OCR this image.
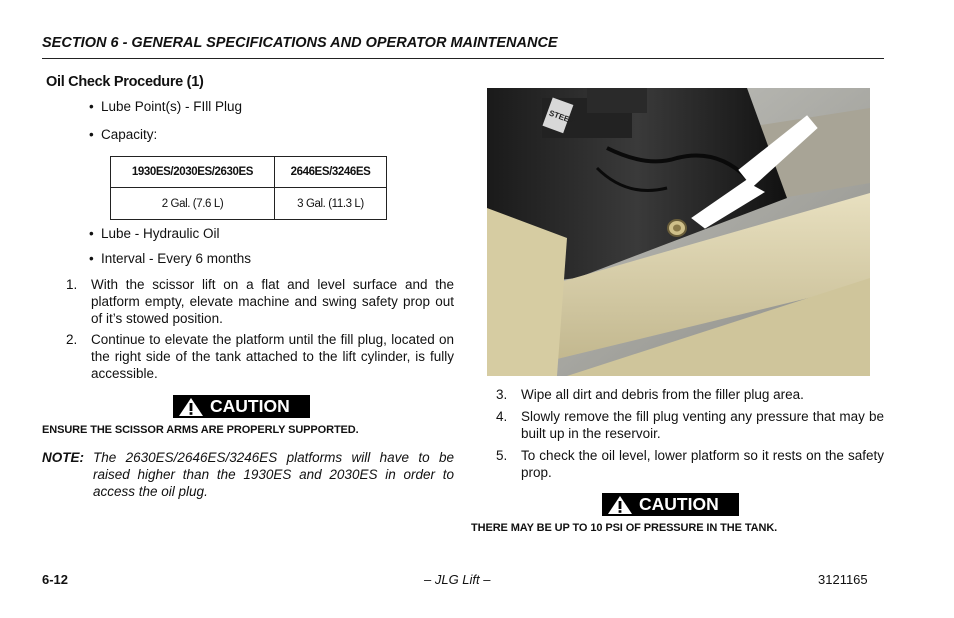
SECTION 6 - GENERAL SPECIFICATIONS AND OPERATOR MAINTENANCE
Oil Check Procedure (1)
• Lube Point(s) - FIll Plug
• Capacity:
1930ES/2030ES/2630ES	2646ES/3246ES
2 Gal. (7.6 L)	3 Gal. (11.3 L)
• Lube - Hydraulic Oil
• Interval - Every 6 months
1. With the scissor lift on a flat and level surface and the platform empty, elevate machine and swing safety prop out of it’s stowed position.
2. Continue to elevate the platform until the fill plug, located on the right side of the tank attached to the lift cylinder, is fully accessible.
CAUTION
ENSURE THE SCISSOR ARMS ARE PROPERLY SUPPORTED.
NOTE: The 2630ES/2646ES/3246ES platforms will have to be raised higher than the 1930ES and 2030ES in order to access the oil plug.
STEER
3. Wipe all dirt and debris from the filler plug area.
4. Slowly remove the fill plug venting any pressure that may be built up in the reservoir.
5. To check the oil level, lower platform so it rests on the safety prop.
CAUTION
THERE MAY BE UP TO 10 PSI OF PRESSURE IN THE TANK.
6-12	– JLG Lift –	3121165
